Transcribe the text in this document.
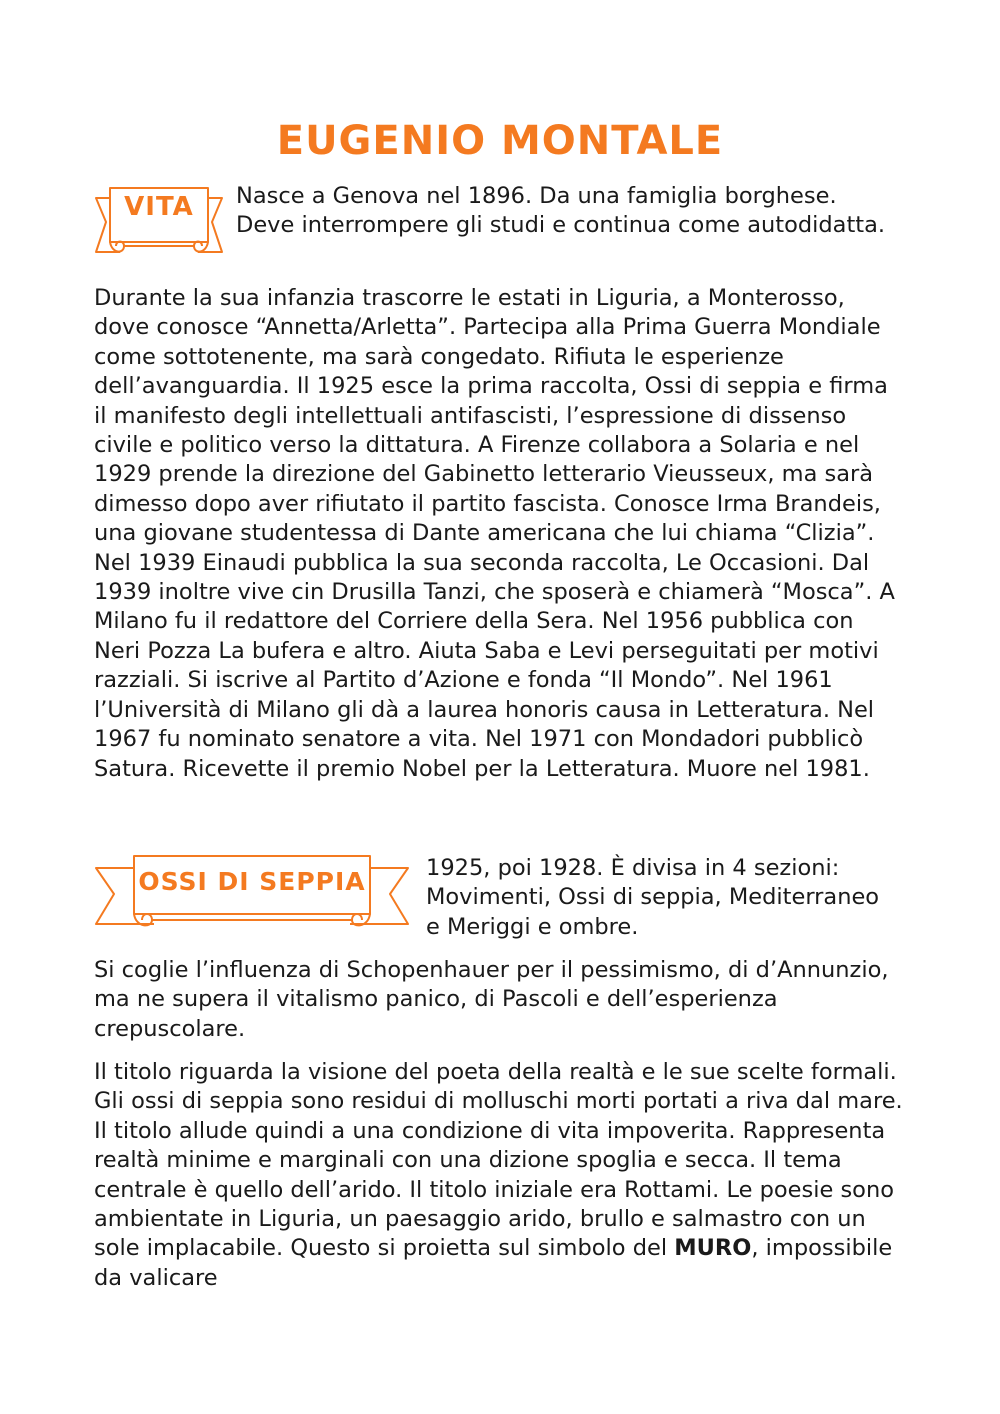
EUGENIO MONTALE
VITA	Nasce a Genova nel 1896. Da una famiglia borghese. Deve interrompere gli studi e continua come autodidatta.

Durante la sua infanzia trascorre le estati in Liguria, a Monterosso, dove conosce “Annetta/Arletta”. Partecipa alla Prima Guerra Mondiale come sottotenente, ma sarà congedato. Rifiuta le esperienze dell’avanguardia. Il 1925 esce la prima raccolta, Ossi di seppia e firma il manifesto degli intellettuali antifascisti, l’espressione di dissenso civile e politico verso la dittatura. A Firenze collabora a Solaria e nel 1929 prende la direzione del Gabinetto letterario Vieusseux, ma sarà dimesso dopo aver rifiutato il partito fascista. Conosce Irma Brandeis, una giovane studentessa di Dante americana che lui chiama “Clizia”. Nel 1939 Einaudi pubblica la sua seconda raccolta, Le Occasioni. Dal 1939 inoltre vive cin Drusilla Tanzi, che sposerà e chiamerà “Mosca”. A Milano fu il redattore del Corriere della Sera. Nel 1956 pubblica con Neri Pozza La bufera e altro. Aiuta Saba e Levi perseguitati per motivi razziali. Si iscrive al Partito d’Azione e fonda “Il Mondo”. Nel 1961 l’Università di Milano gli dà a laurea honoris causa in Letteratura. Nel 1967 fu nominato senatore a vita. Nel 1971 con Mondadori pubblicò Satura. Ricevette il premio Nobel per la Letteratura. Muore nel 1981.

OSSI DI SEPPIA	1925, poi 1928. È divisa in 4 sezioni: Movimenti, Ossi di seppia, Mediterraneo e Meriggi e ombre.

Si coglie l’influenza di Schopenhauer per il pessimismo, di d’Annunzio, ma ne supera il vitalismo panico, di Pascoli e dell’esperienza crepuscolare.

Il titolo riguarda la visione del poeta della realtà e le sue scelte formali. Gli ossi di seppia sono residui di molluschi morti portati a riva dal mare. Il titolo allude quindi a una condizione di vita impoverita. Rappresenta realtà minime e marginali con una dizione spoglia e secca. Il tema centrale è quello dell’arido. Il titolo iniziale era Rottami. Le poesie sono ambientate in Liguria, un paesaggio arido, brullo e salmastro con un sole implacabile. Questo si proietta sul simbolo del MURO, impossibile da valicare
